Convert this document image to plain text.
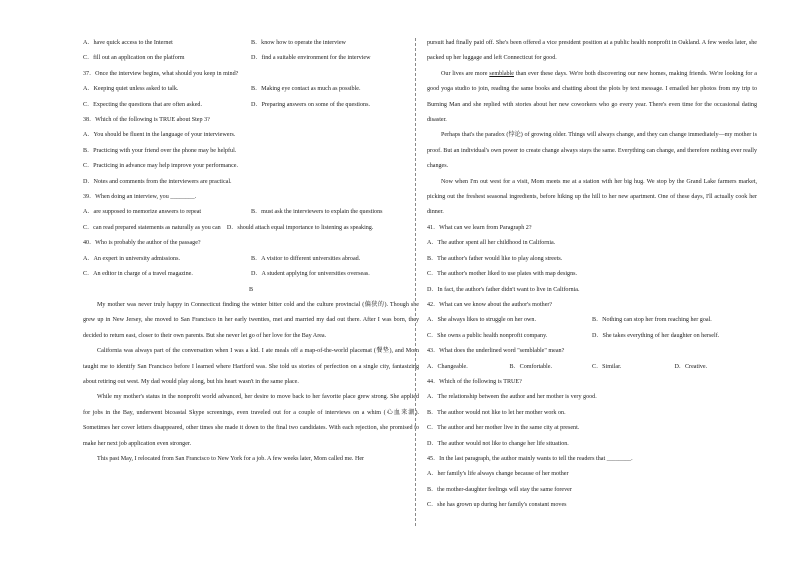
A．have quick access to the Internet	B．know how to operate the interview
C．fill out an application on the platform	D．find a suitable environment for the interview
37．Once the interview begins, what should you keep in mind?
A．Keeping quiet unless asked to talk.	B．Making eye contact as much as possible.
C．Expecting the questions that are often asked.	D．Preparing answers on some of the questions.
38．Which of the following is TRUE about Step 3?
A．You should be fluent in the language of your interviewers.
B．Practicing with your friend over the phone may be helpful.
C．Practicing in advance may help improve your performance.
D．Notes and comments from the interviewers are practical.
39．When doing an interview, you ________.
A．are supposed to memorize answers to repeat	B．must ask the interviewers to explain the questions
C．can read prepared statements as naturally as you can D．should attach equal importance to listening as speaking.
40．Who is probably the author of the passage?
A．An expert in university admissions.	B．A visitor to different universities abroad.
C．An editor in charge of a travel magazine.	D．A student applying for universities overseas.
B
My mother was never truly happy in Connecticut finding the winter bitter cold and the culture provincial (偏狭的). Though she grew up in New Jersey, she moved to San Francisco in her early twenties, met and married my dad out there. After I was born, they decided to return east, closer to their own parents. But she never let go of her love for the Bay Area.
California was always part of the conversation when I was a kid. I ate meals off a map-of-the-world placemat (餐垫), and Mom taught me to identify San Francisco before I learned where Hartford was. She told us stories of perfection on a single city, fantasizing about retiring out west. My dad would play along, but his heart wasn't in the same place.
While my mother's status in the nonprofit world advanced, her desire to move back to her favorite place grew strong. She applied for jobs in the Bay, underwent bicoastal Skype screenings, even traveled out for a couple of interviews on a whim (心血来潮). Sometimes her cover letters disappeared, other times she made it down to the final two candidates. With each rejection, she promised to make her next job application even stronger.
This past May, I relocated from San Francisco to New York for a job. A few weeks later, Mom called me. Her
pursuit had finally paid off. She's been offered a vice president position at a public health nonprofit in Oakland. A few weeks later, she packed up her luggage and left Connecticut for good.
Our lives are more semblable than ever these days. We're both discovering our new homes, making friends. We're looking for a good yoga studio to join, reading the same books and chatting about the plots by text message. I emailed her photos from my trip to Burning Man and she replied with stories about her new coworkers who go every year. There's even time for the occasional dating disaster.
Perhaps that's the paradox (悖论) of growing older. Things will always change, and they can change immediately—my mother is proof. But an individual's own power to create change always stays the same. Everything can change, and therefore nothing ever really changes.
Now when I'm out west for a visit, Mom meets me at a station with her big hug. We stop by the Grand Lake farmers market, picking out the freshest seasonal ingredients, before hiking up the hill to her new apartment. One of these days, I'll actually cook her dinner.
41．What can we learn from Paragraph 2?
A．The author spent all her childhood in California.
B．The author's father would like to play along streets.
C．The author's mother liked to use plates with map designs.
D．In fact, the author's father didn't want to live in California.
42．What can we know about the author's mother?
A．She always likes to struggle on her own.	B．Nothing can stop her from reaching her goal.
C．She owns a public health nonprofit company.	D．She takes everything of her daughter on herself.
43．What does the underlined word "semblable" mean?
A．Changeable.	B．Comfortable.	C．Similar.	D．Creative.
44．Which of the following is TRUE?
A．The relationship between the author and her mother is very good.
B．The author would not like to let her mother work on.
C．The author and her mother live in the same city at present.
D．The author would not like to change her life situation.
45．In the last paragraph, the author mainly wants to tell the readers that ________.
A．her family's life always change because of her mother
B．the mother-daughter feelings will stay the same forever
C．she has grown up during her family's constant moves
